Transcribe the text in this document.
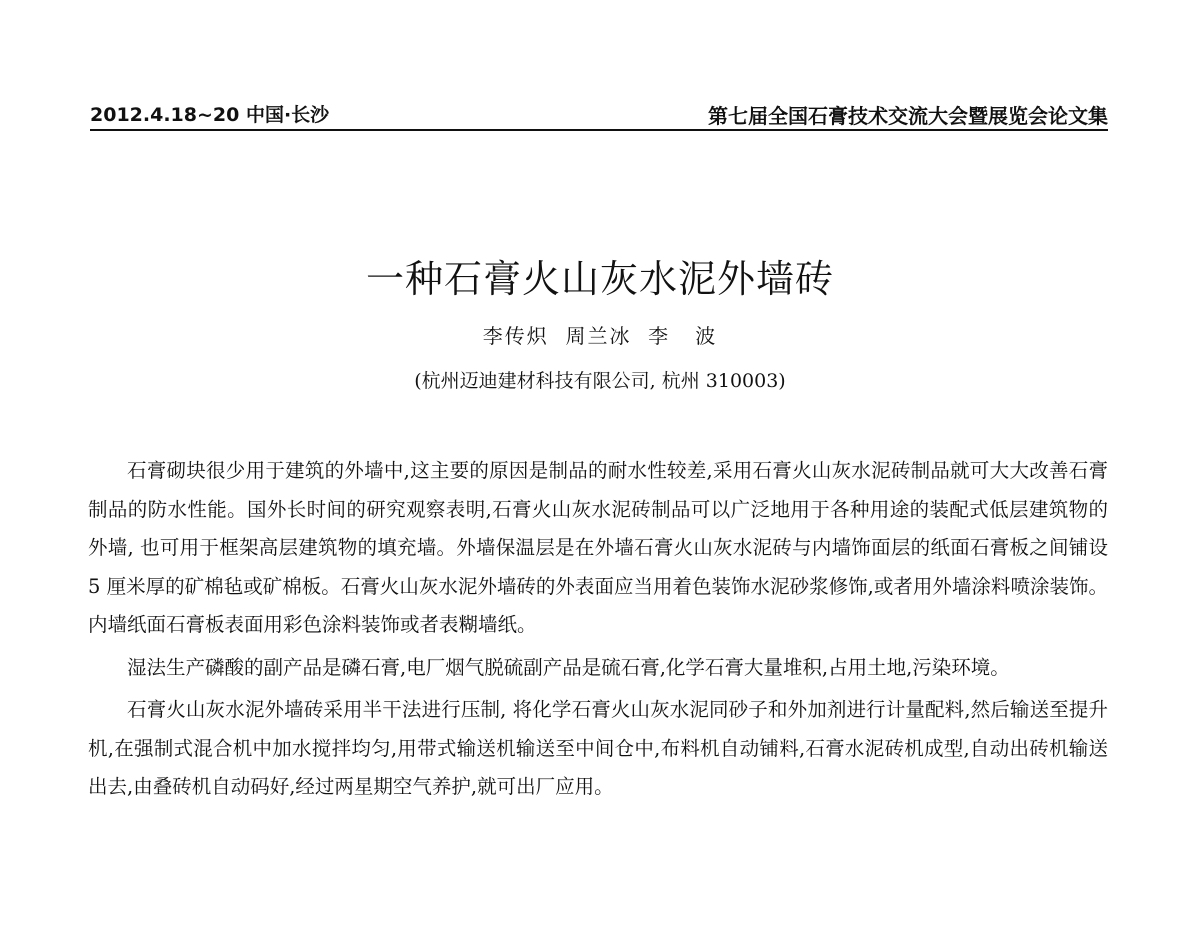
2012.4.18~20 中国·长沙	第七届全国石膏技术交流大会暨展览会论文集
一种石膏火山灰水泥外墙砖
李传炽  周兰冰  李   波
(杭州迈迪建材科技有限公司, 杭州 310003)

石膏砌块很少用于建筑的外墙中,这主要的原因是制品的耐水性较差,采用石膏火山灰水泥砖制品就可大大改善石膏制品的防水性能。国外长时间的研究观察表明,石膏火山灰水泥砖制品可以广泛地用于各种用途的装配式低层建筑物的外墙, 也可用于框架高层建筑物的填充墙。外墙保温层是在外墙石膏火山灰水泥砖与内墙饰面层的纸面石膏板之间铺设 5 厘米厚的矿棉毡或矿棉板。石膏火山灰水泥外墙砖的外表面应当用着色装饰水泥砂浆修饰,或者用外墙涂料喷涂装饰。内墙纸面石膏板表面用彩色涂料装饰或者表糊墙纸。

湿法生产磷酸的副产品是磷石膏,电厂烟气脱硫副产品是硫石膏,化学石膏大量堆积,占用土地,污染环境。

石膏火山灰水泥外墙砖采用半干法进行压制, 将化学石膏火山灰水泥同砂子和外加剂进行计量配料,然后输送至提升机,在强制式混合机中加水搅拌均匀,用带式输送机输送至中间仓中,布料机自动铺料,石膏水泥砖机成型,自动出砖机输送出去,由叠砖机自动码好,经过两星期空气养护,就可出厂应用。
